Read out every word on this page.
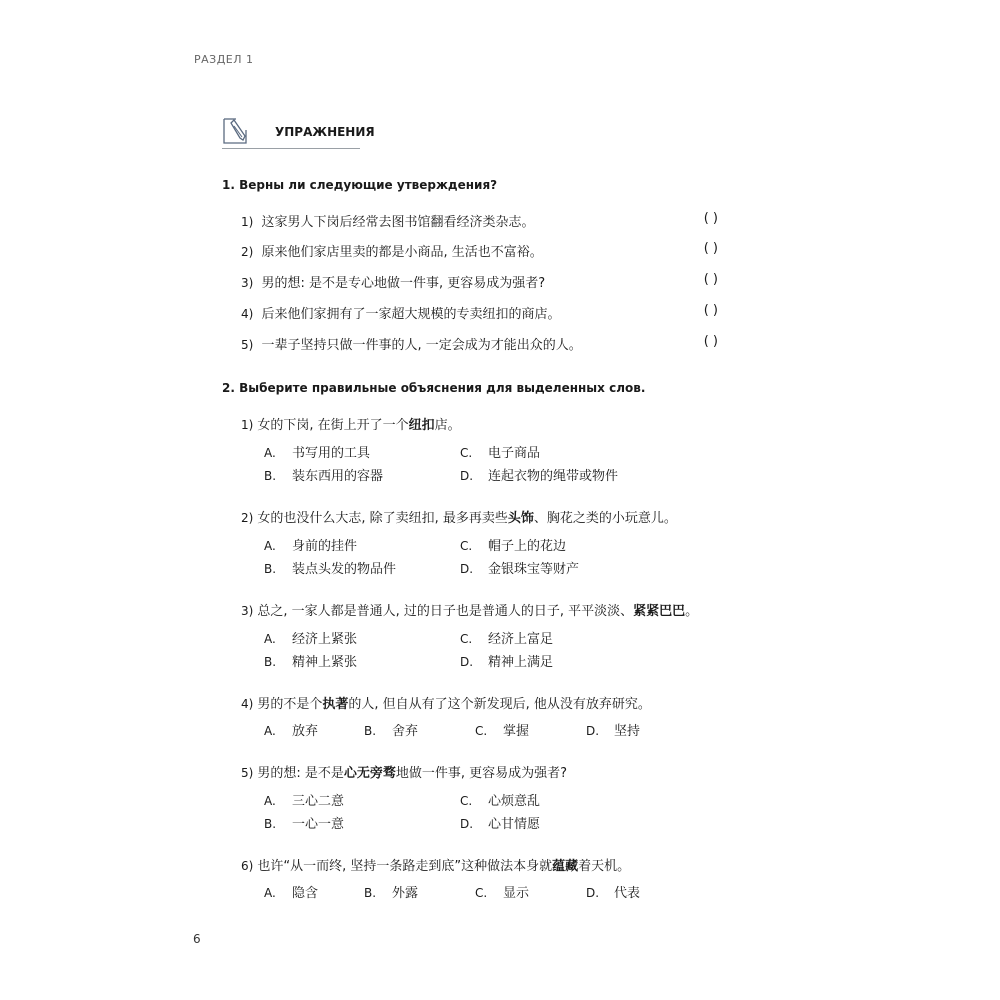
РАЗДЕЛ 1
УПРАЖНЕНИЯ
1. Верны ли следующие утверждения?
1) 这家男人下岗后经常去图书馆翻看经济类杂志。	( )
2) 原来他们家店里卖的都是小商品, 生活也不富裕。	( )
3) 男的想: 是不是专心地做一件事, 更容易成为强者?	( )
4) 后来他们家拥有了一家超大规模的专卖纽扣的商店。	( )
5) 一辈子坚持只做一件事的人, 一定会成为才能出众的人。	( )
2. Выберите правильные объяснения для выделенных слов.
1) 女的下岗, 在街上开了一个纽扣店。
A. 书写用的工具	C. 电子商品
B. 装东西用的容器	D. 连起衣物的绳带或物件
2) 女的也没什么大志, 除了卖纽扣, 最多再卖些头饰、胸花之类的小玩意儿。
A. 身前的挂件	C. 帽子上的花边
B. 装点头发的物品件	D. 金银珠宝等财产
3) 总之, 一家人都是普通人, 过的日子也是普通人的日子, 平平淡淡、紧紧巴巴。
A. 经济上紧张	C. 经济上富足
B. 精神上紧张	D. 精神上满足
4) 男的不是个执著的人, 但自从有了这个新发现后, 他从没有放弃研究。
A. 放弃	B. 舍弃	C. 掌握	D. 坚持
5) 男的想: 是不是心无旁骛地做一件事, 更容易成为强者?
A. 三心二意	C. 心烦意乱
B. 一心一意	D. 心甘情愿
6) 也许“从一而终, 坚持一条路走到底”这种做法本身就蕴藏着天机。
A. 隐含	B. 外露	C. 显示	D. 代表
6
